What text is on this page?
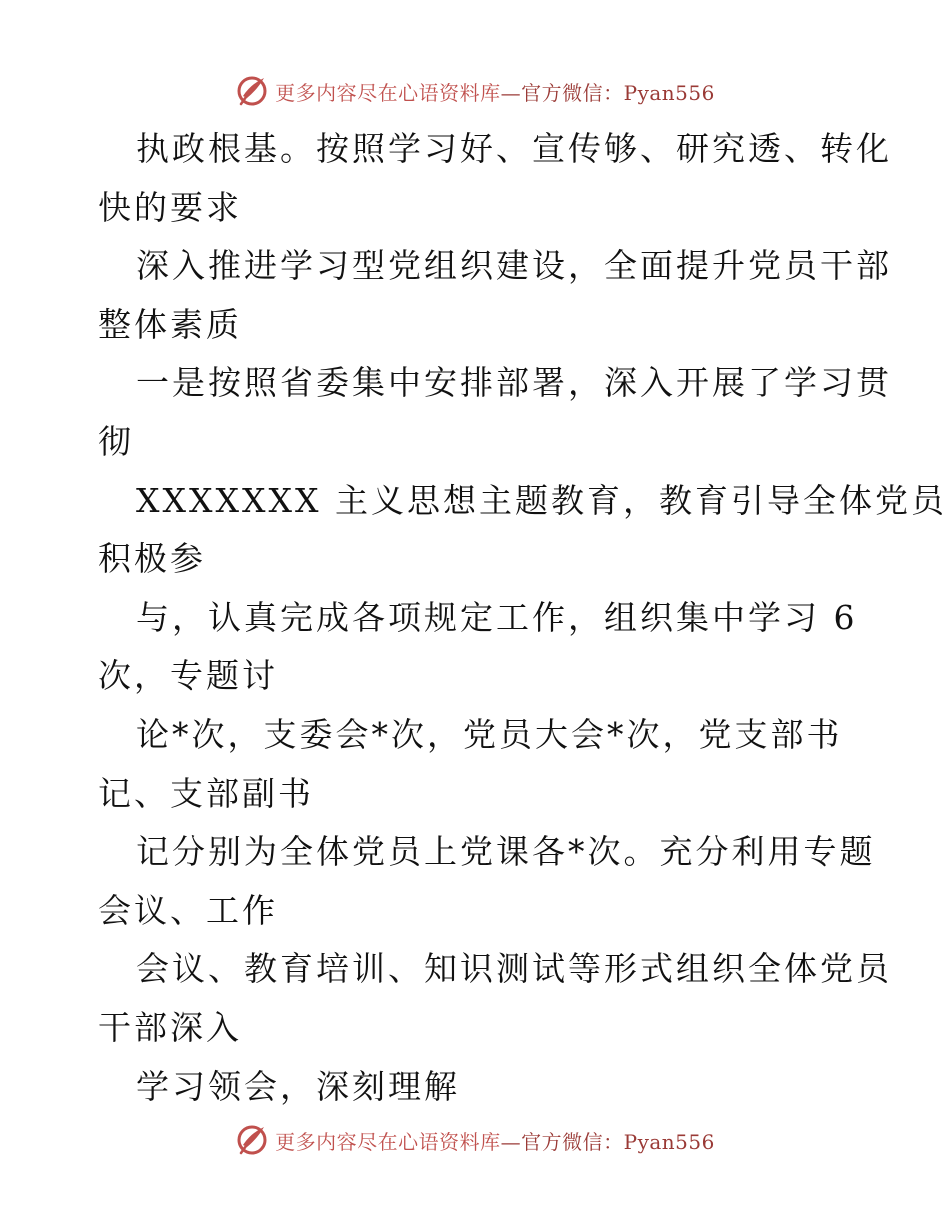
更多内容尽在心语资料库—官方微信：Pyan556
执政根基。按照学习好、宣传够、研究透、转化
快的要求
深入推进学习型党组织建设，全面提升党员干部
整体素质
一是按照省委集中安排部署，深入开展了学习贯
彻
XXXXXXX 主义思想主题教育，教育引导全体党员
积极参
与，认真完成各项规定工作，组织集中学习 6
次，专题讨
论*次，支委会*次，党员大会*次，党支部书
记、支部副书
记分别为全体党员上党课各*次。充分利用专题
会议、工作
会议、教育培训、知识测试等形式组织全体党员
干部深入
学习领会，深刻理解
更多内容尽在心语资料库—官方微信：Pyan556
